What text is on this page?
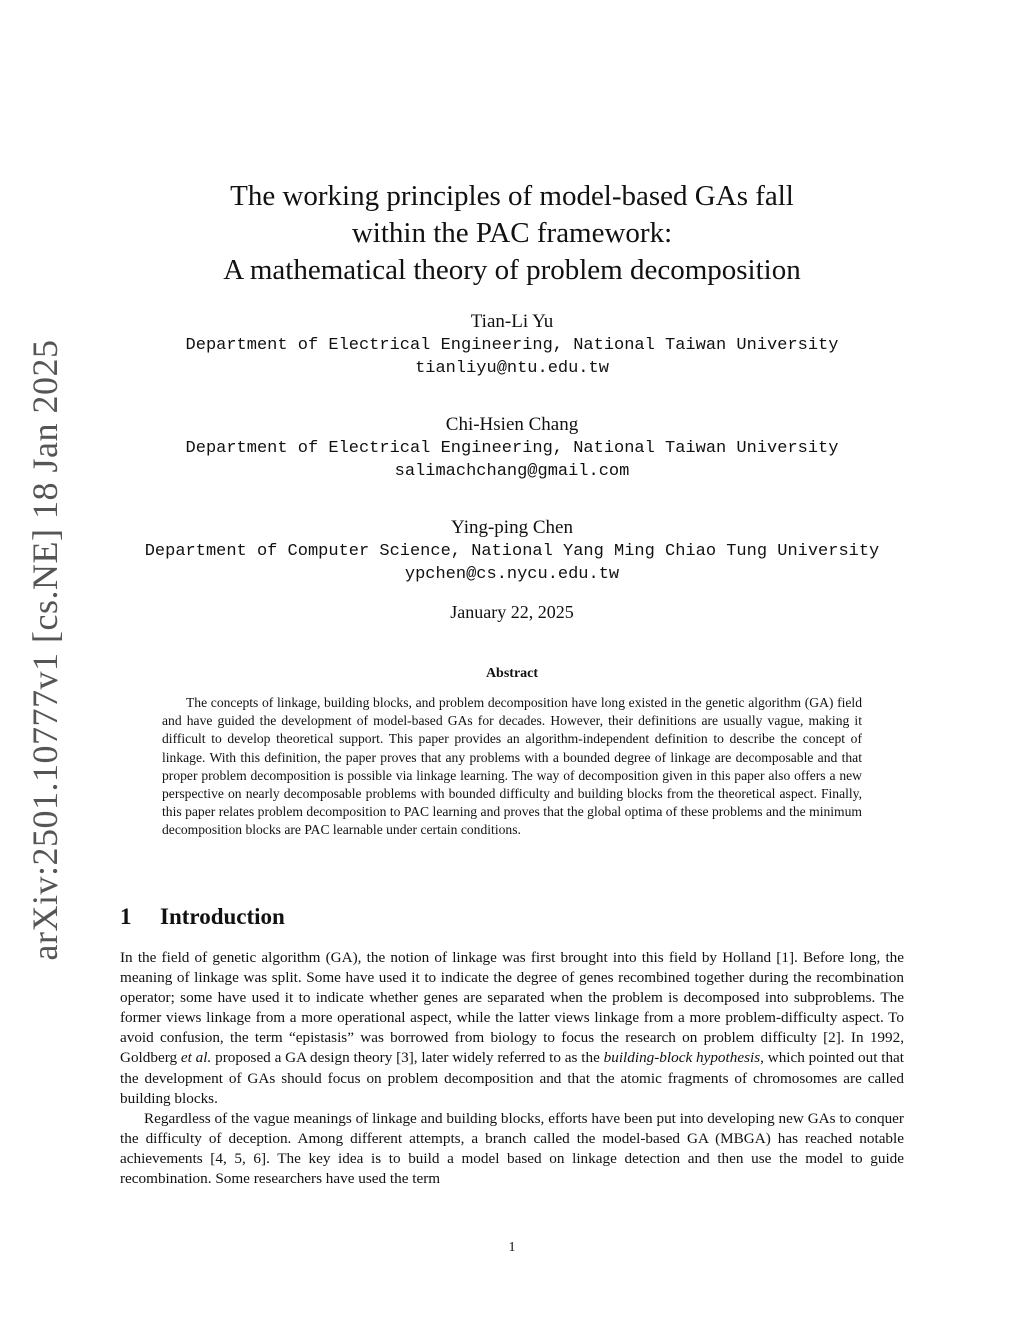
arXiv:2501.10777v1 [cs.NE] 18 Jan 2025
The working principles of model-based GAs fall
within the PAC framework:
A mathematical theory of problem decomposition
Tian-Li Yu
Department of Electrical Engineering, National Taiwan University
tianliyu@ntu.edu.tw
Chi-Hsien Chang
Department of Electrical Engineering, National Taiwan University
salimachchang@gmail.com
Ying-ping Chen
Department of Computer Science, National Yang Ming Chiao Tung University
ypchen@cs.nycu.edu.tw
January 22, 2025
Abstract

The concepts of linkage, building blocks, and problem decomposition have long existed in the genetic algorithm (GA) field and have guided the development of model-based GAs for decades. However, their definitions are usually vague, making it difficult to develop theoretical support. This paper provides an algorithm-independent definition to describe the concept of linkage. With this definition, the paper proves that any problems with a bounded degree of linkage are decomposable and that proper problem decomposition is possible via linkage learning. The way of decomposition given in this paper also offers a new perspective on nearly decomposable problems with bounded difficulty and building blocks from the theoretical aspect. Finally, this paper relates problem decomposition to PAC learning and proves that the global optima of these problems and the minimum decomposition blocks are PAC learnable under certain conditions.

1 Introduction

In the field of genetic algorithm (GA), the notion of linkage was first brought into this field by Holland [1]. Before long, the meaning of linkage was split. Some have used it to indicate the degree of genes recombined together during the recombination operator; some have used it to indicate whether genes are separated when the problem is decomposed into subproblems. The former views linkage from a more operational aspect, while the latter views linkage from a more problem-difficulty aspect. To avoid confusion, the term “epistasis” was borrowed from biology to focus the research on problem difficulty [2]. In 1992, Goldberg et al. proposed a GA design theory [3], later widely referred to as the building-block hypothesis, which pointed out that the development of GAs should focus on problem decomposition and that the atomic fragments of chromosomes are called building blocks.

Regardless of the vague meanings of linkage and building blocks, efforts have been put into developing new GAs to conquer the difficulty of deception. Among different attempts, a branch called the model-based GA (MBGA) has reached notable achievements [4, 5, 6]. The key idea is to build a model based on linkage detection and then use the model to guide recombination. Some researchers have used the term

1
